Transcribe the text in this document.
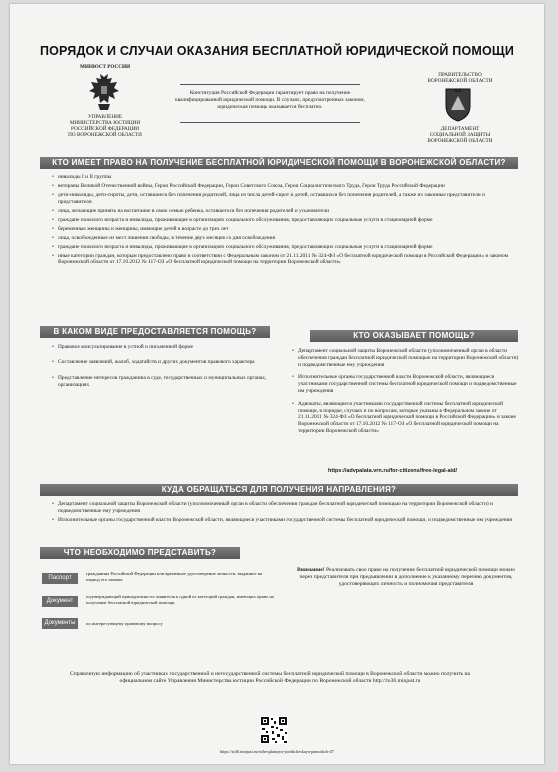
ПОРЯДОК И СЛУЧАИ ОКАЗАНИЯ БЕСПЛАТНОЙ ЮРИДИЧЕСКОЙ ПОМОЩИ
МИНЮСТ РОССИИ
УПРАВЛЕНИЕ
МИНИСТЕРСТВА ЮСТИЦИИ
РОССИЙСКОЙ ФЕДЕРАЦИИ
ПО ВОРОНЕЖСКОЙ ОБЛАСТИ
Конституция Российской Федерации гарантирует право на получение квалифицированной юридической помощи. В случаях, предусмотренных законом, юридическая помощь оказывается бесплатно.
ПРАВИТЕЛЬСТВО
ВОРОНЕЖСКОЙ ОБЛАСТИ
ДЕПАРТАМЕНТ
СОЦИАЛЬНОЙ ЗАЩИТЫ
ВОРОНЕЖСКОЙ ОБЛАСТИ
КТО ИМЕЕТ ПРАВО НА ПОЛУЧЕНИЕ БЕСПЛАТНОЙ ЮРИДИЧЕСКОЙ ПОМОЩИ В ВОРОНЕЖСКОЙ ОБЛАСТИ?
• инвалиды I и II группы
• ветераны Великой Отечественной войны, Герои Российской Федерации, Герои Советского Союза, Герои Социалистического Труда, Герои Труда Российской Федерации
• дети-инвалиды, дети-сироты, дети, оставшиеся без попечения родителей, лица из числа детей-сирот и детей, оставшихся без попечения родителей, а также их законные представители и представители
• лица, желающие принять на воспитание в свою семью ребенка, оставшегося без попечения родителей и усыновители
• граждане пожилого возраста и инвалиды, проживающие в организациях социального обслуживания, предоставляющих социальные услуги в стационарной форме
• беременные женщины и женщины, имеющие детей в возрасте до трех лет
• лица, освобожденные из мест лишения свободы, в течение двух месяцев со дня освобождения
• граждане пожилого возраста и инвалиды, проживающие в организациях социального обслуживания, предоставляющих социальные услуги в стационарной форме
• иные категории граждан, которым предоставлено право в соответствии с Федеральным законом от 21.11.2011 № 324-ФЗ «О бесплатной юридической помощи в Российской Федерации» и законом Воронежской области от 17.10.2012 № 117-ОЗ «О бесплатной юридической помощи на территории Воронежской области»
В КАКОМ ВИДЕ ПРЕДОСТАВЛЯЕТСЯ ПОМОЩЬ?
• Правовое консультирование в устной и письменной форме
• Составление заявлений, жалоб, ходатайств и других документов правового характера
• Представление интересов гражданина в суде, государственных и муниципальных органах, организациях
КТО ОКАЗЫВАЕТ ПОМОЩЬ?
• Департамент социальной защиты Воронежской области (уполномоченный орган в области обеспечения граждан бесплатной юридической помощью на территории Воронежской области) и подведомственные ему учреждения
• Исполнительные органы государственной власти Воронежской области, являющиеся участниками государственной системы бесплатной юридической помощи и подведомственные им учреждения
• Адвокаты, являющиеся участниками государственной системы бесплатной юридической помощи, в порядке, случаях и по вопросам, которые указаны в Федеральном законе от 21.11.2011 № 324-ФЗ «О бесплатной юридической помощи в Российской Федерации» и законе Воронежской области от 17.10.2012 № 117-ОЗ «О бесплатной юридической помощи на территории Воронежской области»
https://advpalata.vrn.ru/for-citizens/free-legal-aid/
КУДА ОБРАЩАТЬСЯ ДЛЯ ПОЛУЧЕНИЯ НАПРАВЛЕНИЯ?
• Департамент социальной защиты Воронежской области (уполномоченный орган в области обеспечения граждан бесплатной юридической помощью на территории Воронежской области) и подведомственные ему учреждения
• Исполнительные органы государственной власти Воронежской области, являющиеся участниками государственной системы бесплатной юридической помощи, и подведомственные им учреждения
ЧТО НЕОБХОДИМО ПРЕДСТАВИТЬ?
Паспорт
гражданина Российской Федерации или временное удостоверение личности, выданное на период его замены
Документ
подтверждающий принадлежность заявителя к одной из категорий граждан, имеющих право на получение бесплатной юридической помощи
Документы	по интересующему правовому вопросу
Внимание! Реализовать свое право на получение бесплатной юридической помощи можно через представителя при предъявлении в дополнение к указанному перечню документов, удостоверяющих личность и полномочия представителя
Справочную информацию об участниках государственной и негосударственной системы бесплатной юридической помощи в Воронежской области можно получить на официальном сайте Управления Министерства юстиции Российской Федерации по Воронежской области http://to36.minjust.ru
https://to36.minjust.ru/ru/besplatnaya-yuridicheskaya-pomoshch-47
